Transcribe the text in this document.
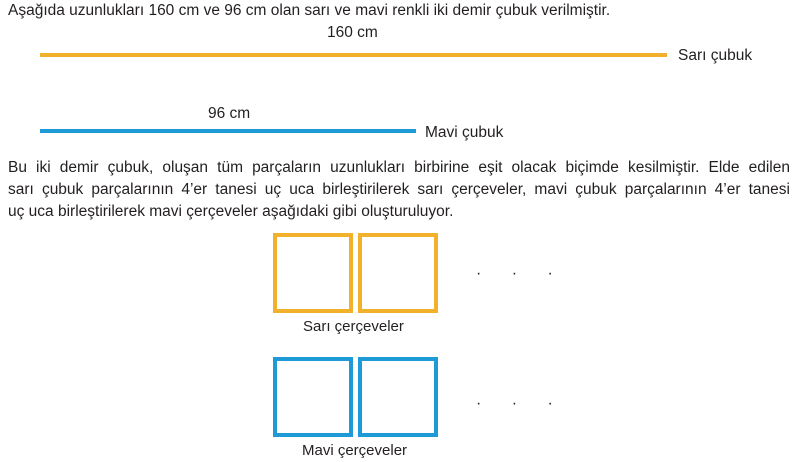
Aşağıda uzunlukları 160 cm ve 96 cm olan sarı ve mavi renkli iki demir çubuk verilmiştir.
160 cm
Sarı çubuk
96 cm
Mavi çubuk
Bu iki demir çubuk, oluşan tüm parçaların uzunlukları birbirine eşit olacak biçimde kesilmiştir. Elde edilen
sarı çubuk parçalarının 4’er tanesi uç uca birleştirilerek sarı çerçeveler, mavi çubuk parçalarının 4’er tanesi
uç uca birleştirilerek mavi çerçeveler aşağıdaki gibi oluşturuluyor.
· · ·
Sarı çerçeveler
· · ·
Mavi çerçeveler
